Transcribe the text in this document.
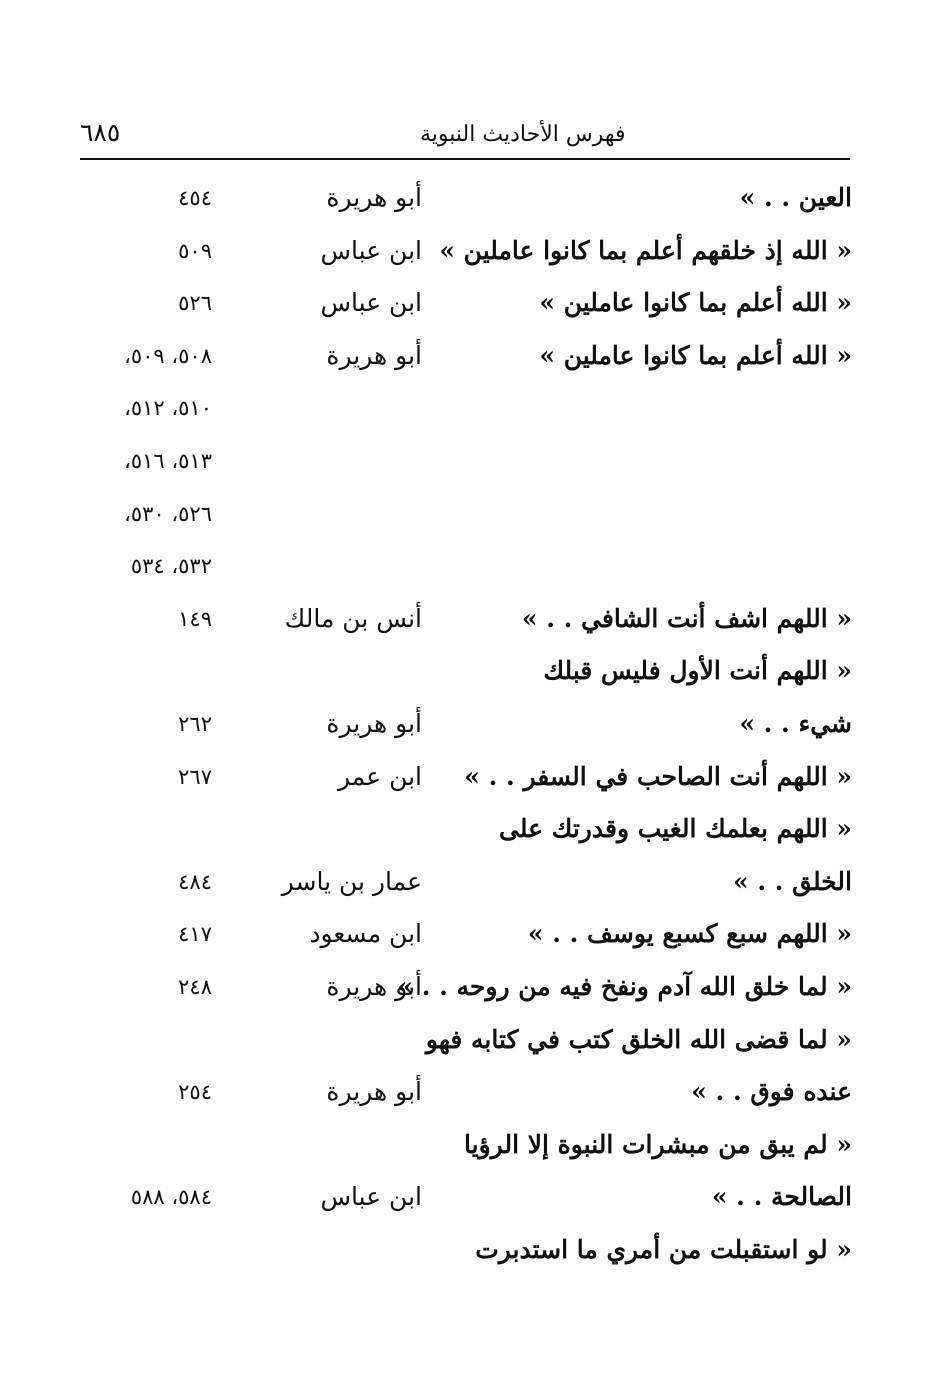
٦٨٥	فهرس الأحاديث النبوية
العين . . »
أبو هريرة
٤٥٤
« الله إذ خلقهم أعلم بما كانوا عاملين »
ابن عباس
٥٠٩
« الله أعلم بما كانوا عاملين »
ابن عباس
٥٢٦
« الله أعلم بما كانوا عاملين »
أبو هريرة
٥٠٨، ٥٠٩،
٥١٠، ٥١٢،
٥١٣، ٥١٦،
٥٢٦، ٥٣٠،
٥٣٢، ٥٣٤
« اللهم اشف أنت الشافي . . »
أنس بن مالك
١٤٩
« اللهم أنت الأول فليس قبلك
شيء . . »
أبو هريرة
٢٦٢
« اللهم أنت الصاحب في السفر . . »
ابن عمر
٢٦٧
« اللهم بعلمك الغيب وقدرتك على
الخلق . . »
عمار بن ياسر
٤٨٤
« اللهم سبع كسبع يوسف . . »
ابن مسعود
٤١٧
« لما خلق الله آدم ونفخ فيه من روحه . . »
أبو هريرة
٢٤٨
« لما قضى الله الخلق كتب في كتابه فهو
عنده فوق . . »
أبو هريرة
٢٥٤
« لم يبق من مبشرات النبوة إلا الرؤيا
الصالحة . . »
ابن عباس
٥٨٤، ٥٨٨
« لو استقبلت من أمري ما استدبرت
